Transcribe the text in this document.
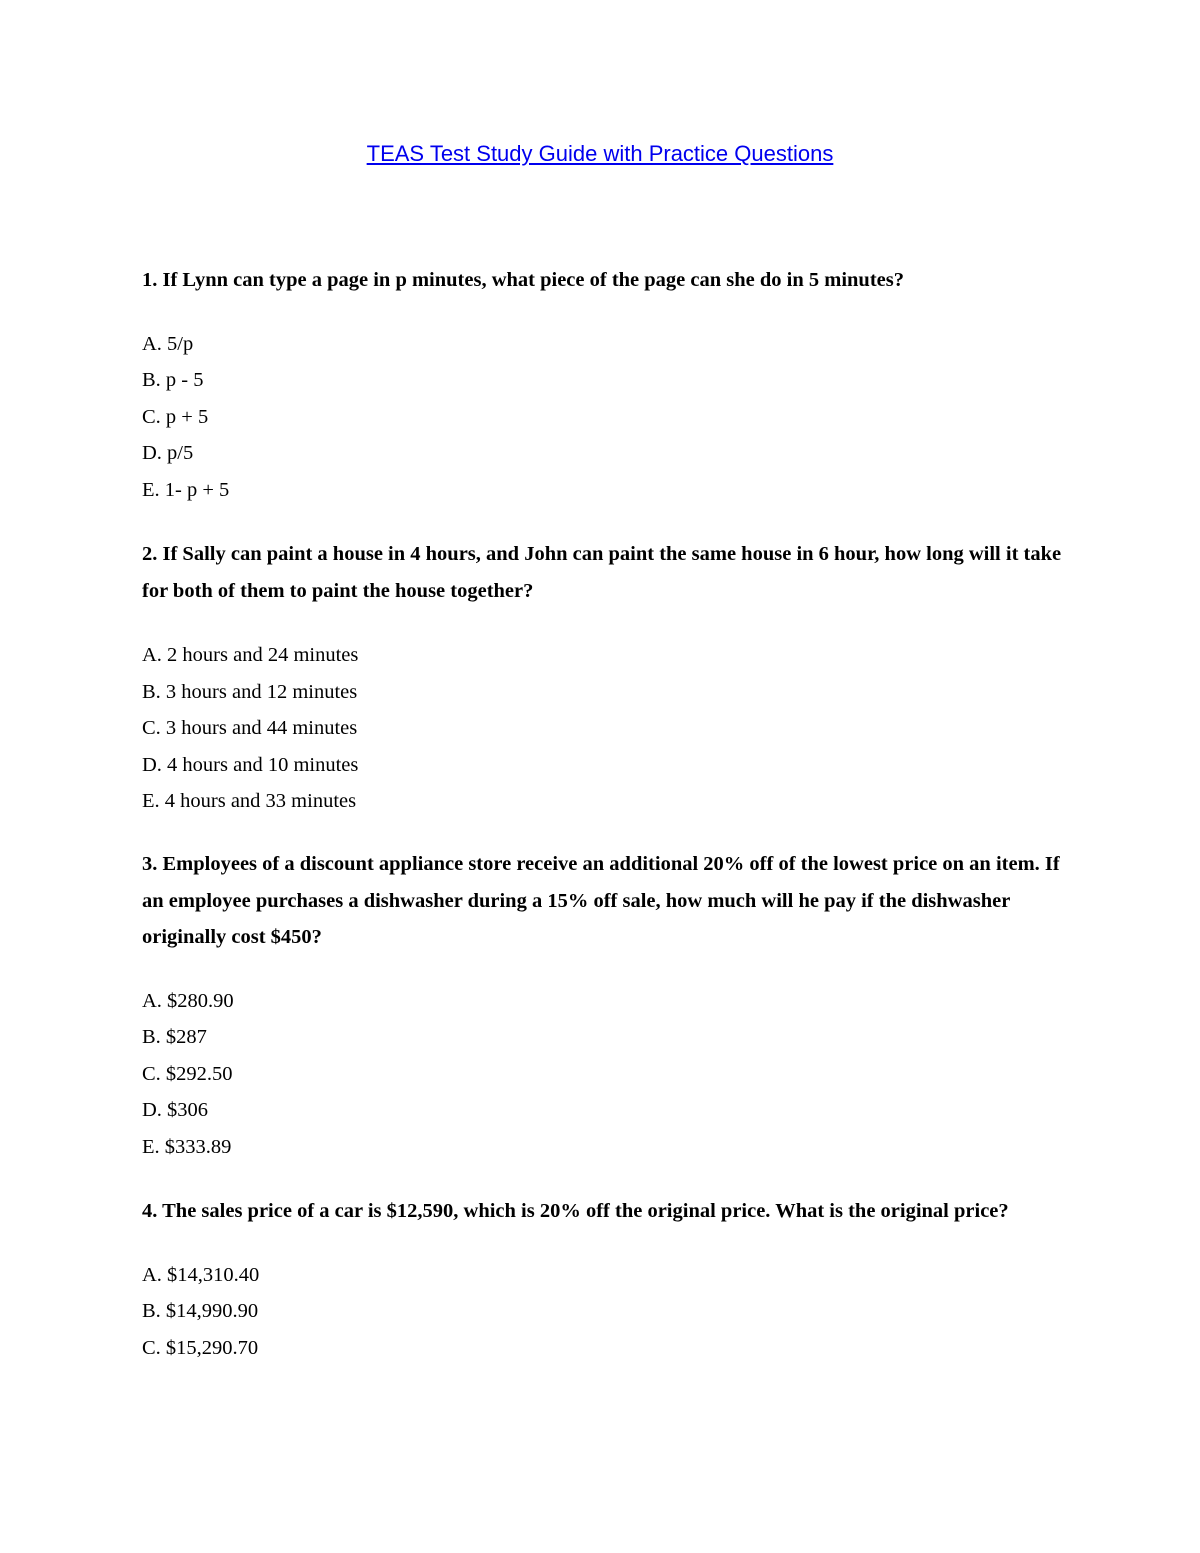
TEAS Test Study Guide with Practice Questions

1. If Lynn can type a page in p minutes, what piece of the page can she do in 5 minutes?

A. 5/p
B. p - 5
C. p + 5
D. p/5
E. 1- p + 5

2. If Sally can paint a house in 4 hours, and John can paint the same house in 6 hour, how long will it take for both of them to paint the house together?

A. 2 hours and 24 minutes
B. 3 hours and 12 minutes
C. 3 hours and 44 minutes
D. 4 hours and 10 minutes
E. 4 hours and 33 minutes

3. Employees of a discount appliance store receive an additional 20% off of the lowest price on an item. If an employee purchases a dishwasher during a 15% off sale, how much will he pay if the dishwasher originally cost $450?

A. $280.90
B. $287
C. $292.50
D. $306
E. $333.89

4. The sales price of a car is $12,590, which is 20% off the original price. What is the original price?

A. $14,310.40
B. $14,990.90
C. $15,290.70
